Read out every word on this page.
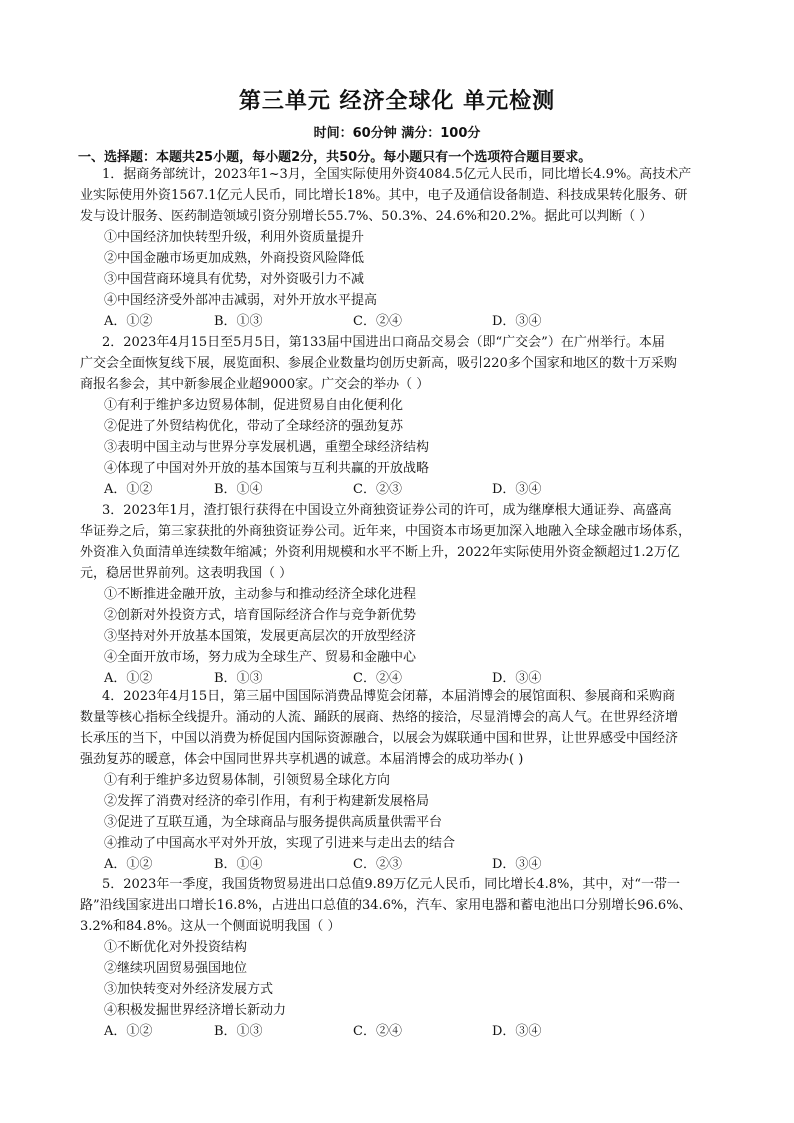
第三单元 经济全球化 单元检测
时间：60分钟 满分：100分
一、选择题：本题共25小题，每小题2分，共50分。每小题只有一个选项符合题目要求。
1．据商务部统计，2023年1~3月，全国实际使用外资4084.5亿元人民币，同比增长4.9%。高技术产
业实际使用外资1567.1亿元人民币，同比增长18%。其中，电子及通信设备制造、科技成果转化服务、研
发与设计服务、医药制造领域引资分别增长55.7%、50.3%、24.6%和20.2%。据此可以判断（ ）
①中国经济加快转型升级，利用外资质量提升
②中国金融市场更加成熟，外商投资风险降低
③中国营商环境具有优势，对外资吸引力不减
④中国经济受外部冲击减弱，对外开放水平提高
A．①②	B．①③	C．②④	D．③④
2．2023年4月15日至5月5日，第133届中国进出口商品交易会（即“广交会”）在广州举行。本届
广交会全面恢复线下展，展览面积、参展企业数量均创历史新高，吸引220多个国家和地区的数十万采购
商报名参会，其中新参展企业超9000家。广交会的举办（ ）
①有利于维护多边贸易体制，促进贸易自由化便利化
②促进了外贸结构优化，带动了全球经济的强劲复苏
③表明中国主动与世界分享发展机遇，重塑全球经济结构
④体现了中国对外开放的基本国策与互利共赢的开放战略
A．①②	B．①④	C．②③	D．③④
3．2023年1月，渣打银行获得在中国设立外商独资证券公司的许可，成为继摩根大通证券、高盛高
华证券之后，第三家获批的外商独资证券公司。近年来，中国资本市场更加深入地融入全球金融市场体系，
外资准入负面清单连续数年缩减；外资利用规模和水平不断上升，2022年实际使用外资金额超过1.2万亿
元，稳居世界前列。这表明我国（ ）
①不断推进金融开放，主动参与和推动经济全球化进程
②创新对外投资方式，培育国际经济合作与竞争新优势
③坚持对外开放基本国策，发展更高层次的开放型经济
④全面开放市场，努力成为全球生产、贸易和金融中心
A．①②	B．①③	C．②④	D．③④
4．2023年4月15日，第三届中国国际消费品博览会闭幕，本届消博会的展馆面积、参展商和采购商
数量等核心指标全线提升。涌动的人流、踊跃的展商、热络的接洽，尽显消博会的高人气。在世界经济增
长承压的当下，中国以消费为桥促国内国际资源融合，以展会为媒联通中国和世界，让世界感受中国经济
强劲复苏的暖意，体会中国同世界共享机遇的诚意。本届消博会的成功举办( )
①有利于维护多边贸易体制，引领贸易全球化方向
②发挥了消费对经济的牵引作用，有利于构建新发展格局
③促进了互联互通，为全球商品与服务提供高质量供需平台
④推动了中国高水平对外开放，实现了引进来与走出去的结合
A．①②	B．①④	C．②③	D．③④
5．2023年一季度，我国货物贸易进出口总值9.89万亿元人民币，同比增长4.8%，其中，对“一带一
路”沿线国家进出口增长16.8%，占进出口总值的34.6%，汽车、家用电器和蓄电池出口分别增长96.6%、
3.2%和84.8%。这从一个侧面说明我国（ ）
①不断优化对外投资结构
②继续巩固贸易强国地位
③加快转变对外经济发展方式
④积极发掘世界经济增长新动力
A．①②	B．①③	C．②④	D．③④
